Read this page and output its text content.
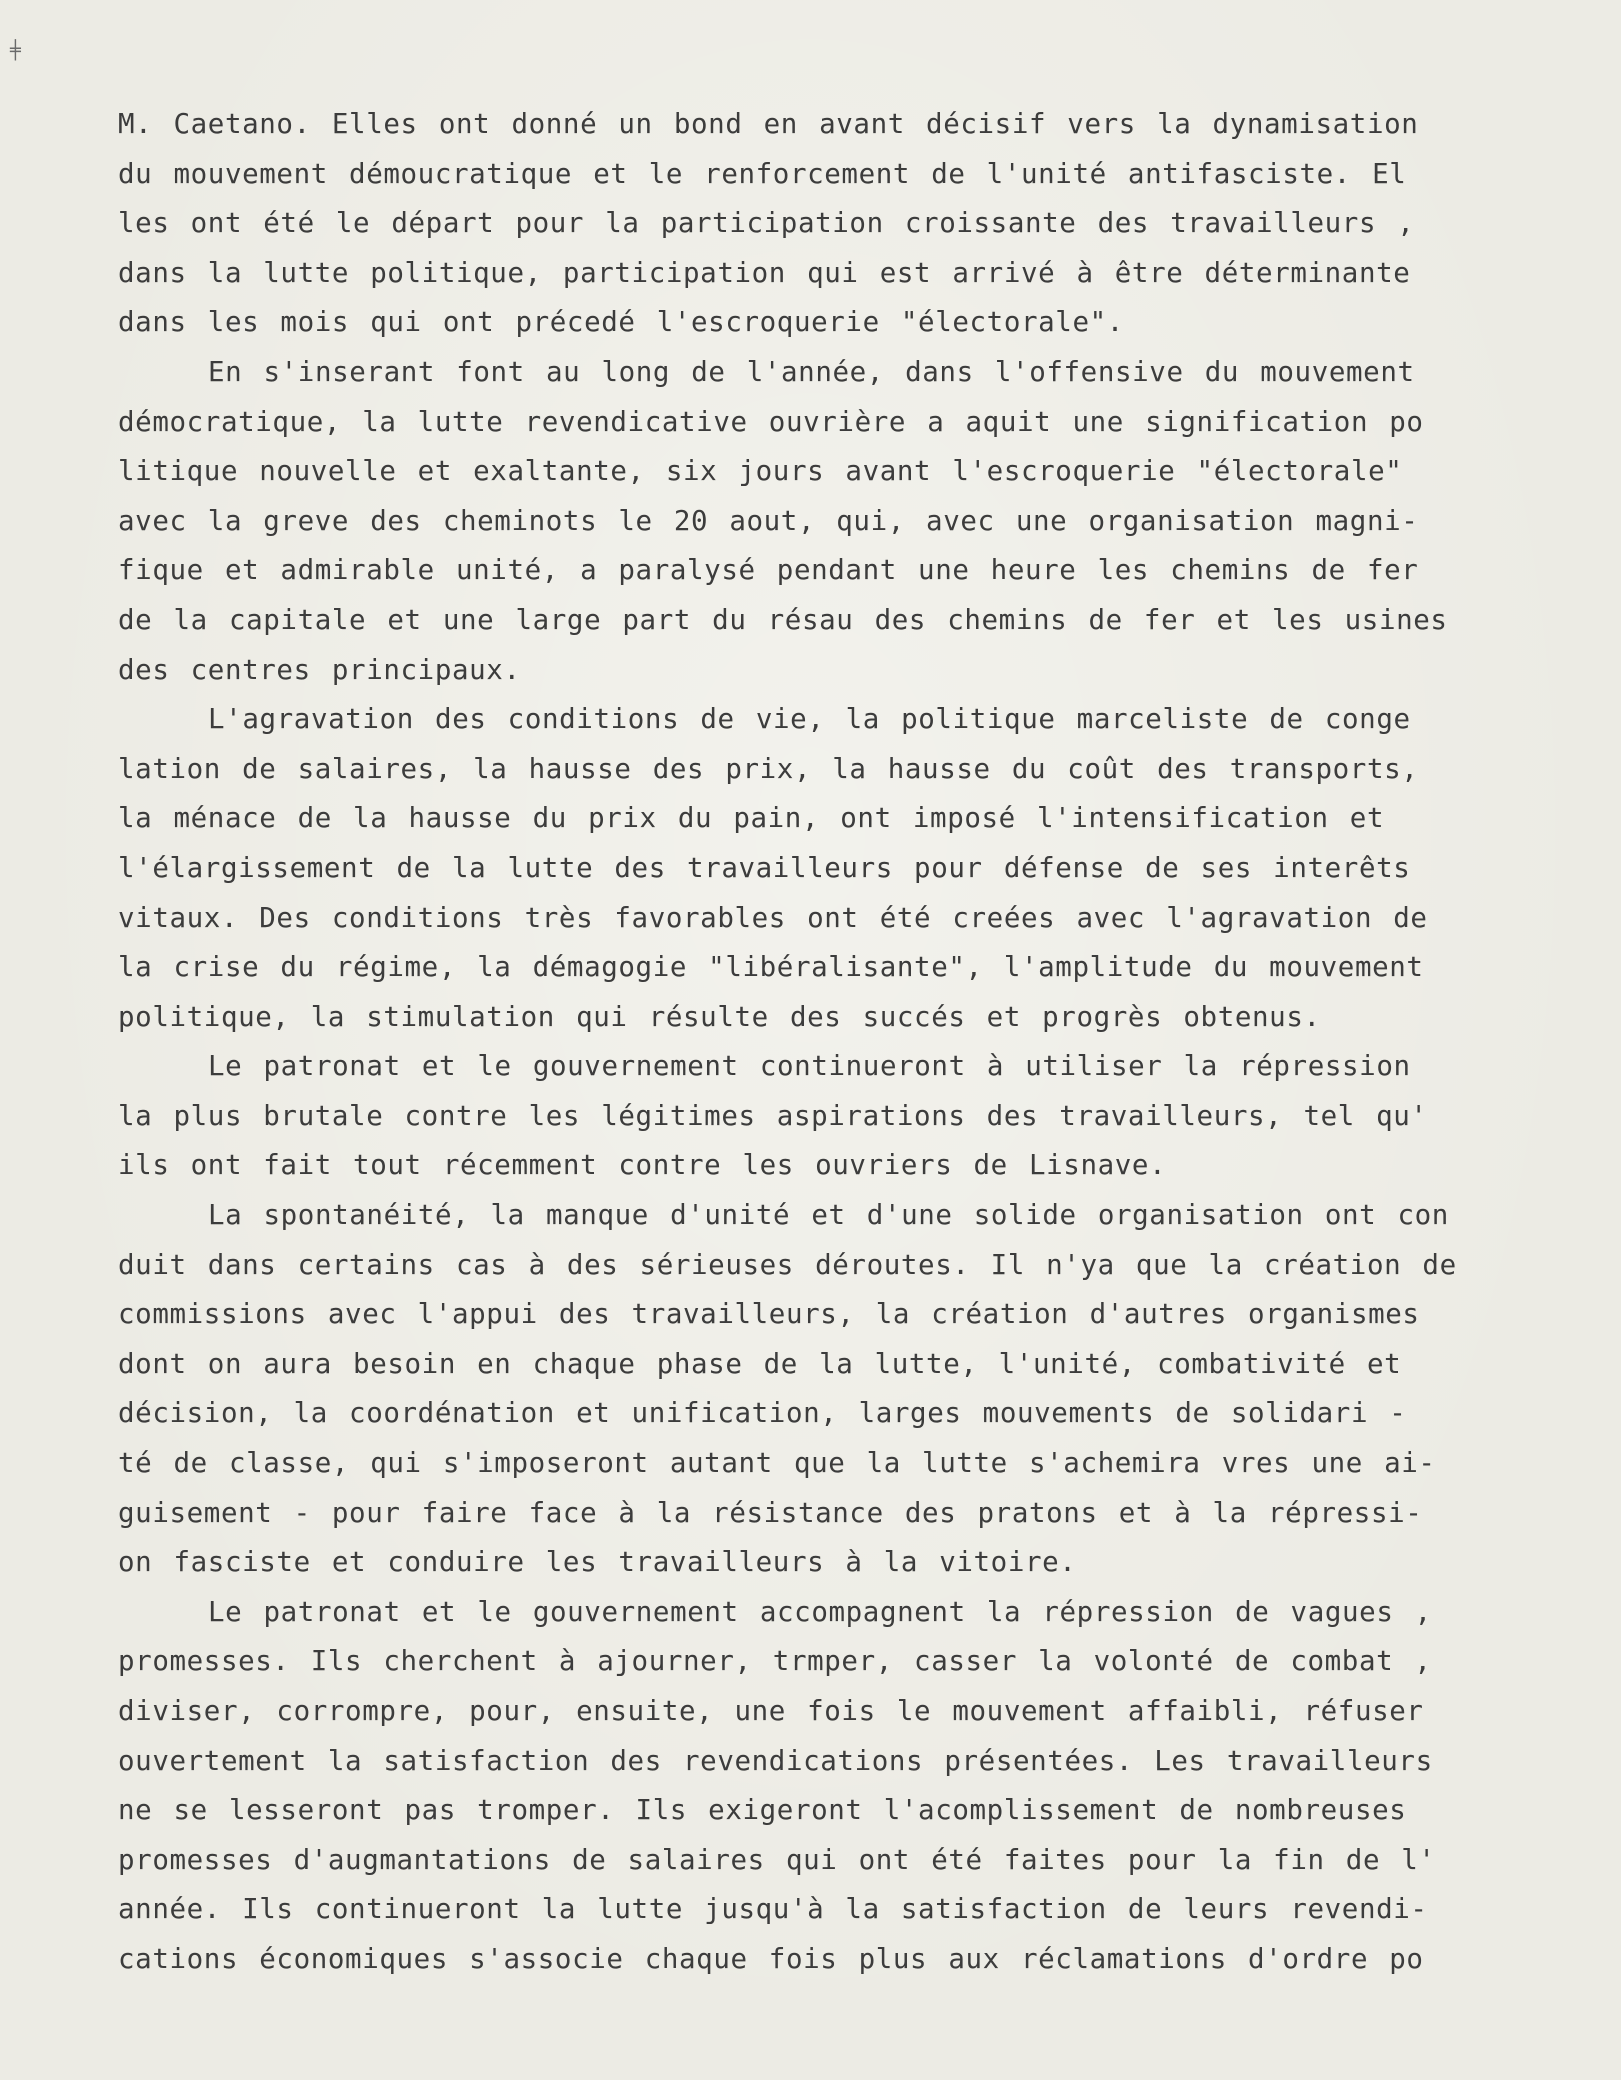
╪
M. Caetano. Elles ont donné un bond en avant décisif vers la dynamisation
du mouvement démoucratique et le renforcement de l'unité antifasciste. El
les ont été le départ pour la participation croissante des travailleurs ,
dans la lutte politique, participation qui est arrivé à être déterminante
dans les mois qui ont précedé l'escroquerie "électorale".
En s'inserant font au long de l'année, dans l'offensive du mouvement
démocratique, la lutte revendicative ouvrière a aquit une signification po
litique nouvelle et exaltante, six jours avant l'escroquerie "électorale"
avec la greve des cheminots le 20 aout, qui, avec une organisation magni-
fique et admirable unité, a paralysé pendant une heure les chemins de fer
de la capitale et une large part du résau des chemins de fer et les usines
des centres principaux.
L'agravation des conditions de vie, la politique marceliste de conge
lation de salaires, la hausse des prix, la hausse du coût des transports,
la ménace de la hausse du prix du pain, ont imposé l'intensification et
l'élargissement de la lutte des travailleurs pour défense de ses interêts
vitaux. Des conditions très favorables ont été creées avec l'agravation de
la crise du régime, la démagogie "libéralisante", l'amplitude du mouvement
politique, la stimulation qui résulte des succés et progrès obtenus.
Le patronat et le gouvernement continueront à utiliser la répression
la plus brutale contre les légitimes aspirations des travailleurs, tel qu'
ils ont fait tout récemment contre les ouvriers de Lisnave.
La spontanéité, la manque d'unité et d'une solide organisation ont con
duit dans certains cas à des sérieuses déroutes. Il n'ya que la création de
commissions avec l'appui des travailleurs, la création d'autres organismes
dont on aura besoin en chaque phase de la lutte, l'unité, combativité et
décision, la coordénation et unification, larges mouvements de solidari -
té de classe, qui s'imposeront autant que la lutte s'achemira vres une ai-
guisement - pour faire face à la résistance des pratons et à la répressi-
on fasciste et conduire les travailleurs à la vitoire.
Le patronat et le gouvernement accompagnent la répression de vagues ,
promesses. Ils cherchent à ajourner, trmper, casser la volonté de combat ,
diviser, corrompre, pour, ensuite, une fois le mouvement affaibli, réfuser
ouvertement la satisfaction des revendications présentées. Les travailleurs
ne se lesseront pas tromper. Ils exigeront l'acomplissement de nombreuses
promesses d'augmantations de salaires qui ont été faites pour la fin de l'
année. Ils continueront la lutte jusqu'à la satisfaction de leurs revendi-
cations économiques s'associe chaque fois plus aux réclamations d'ordre po
